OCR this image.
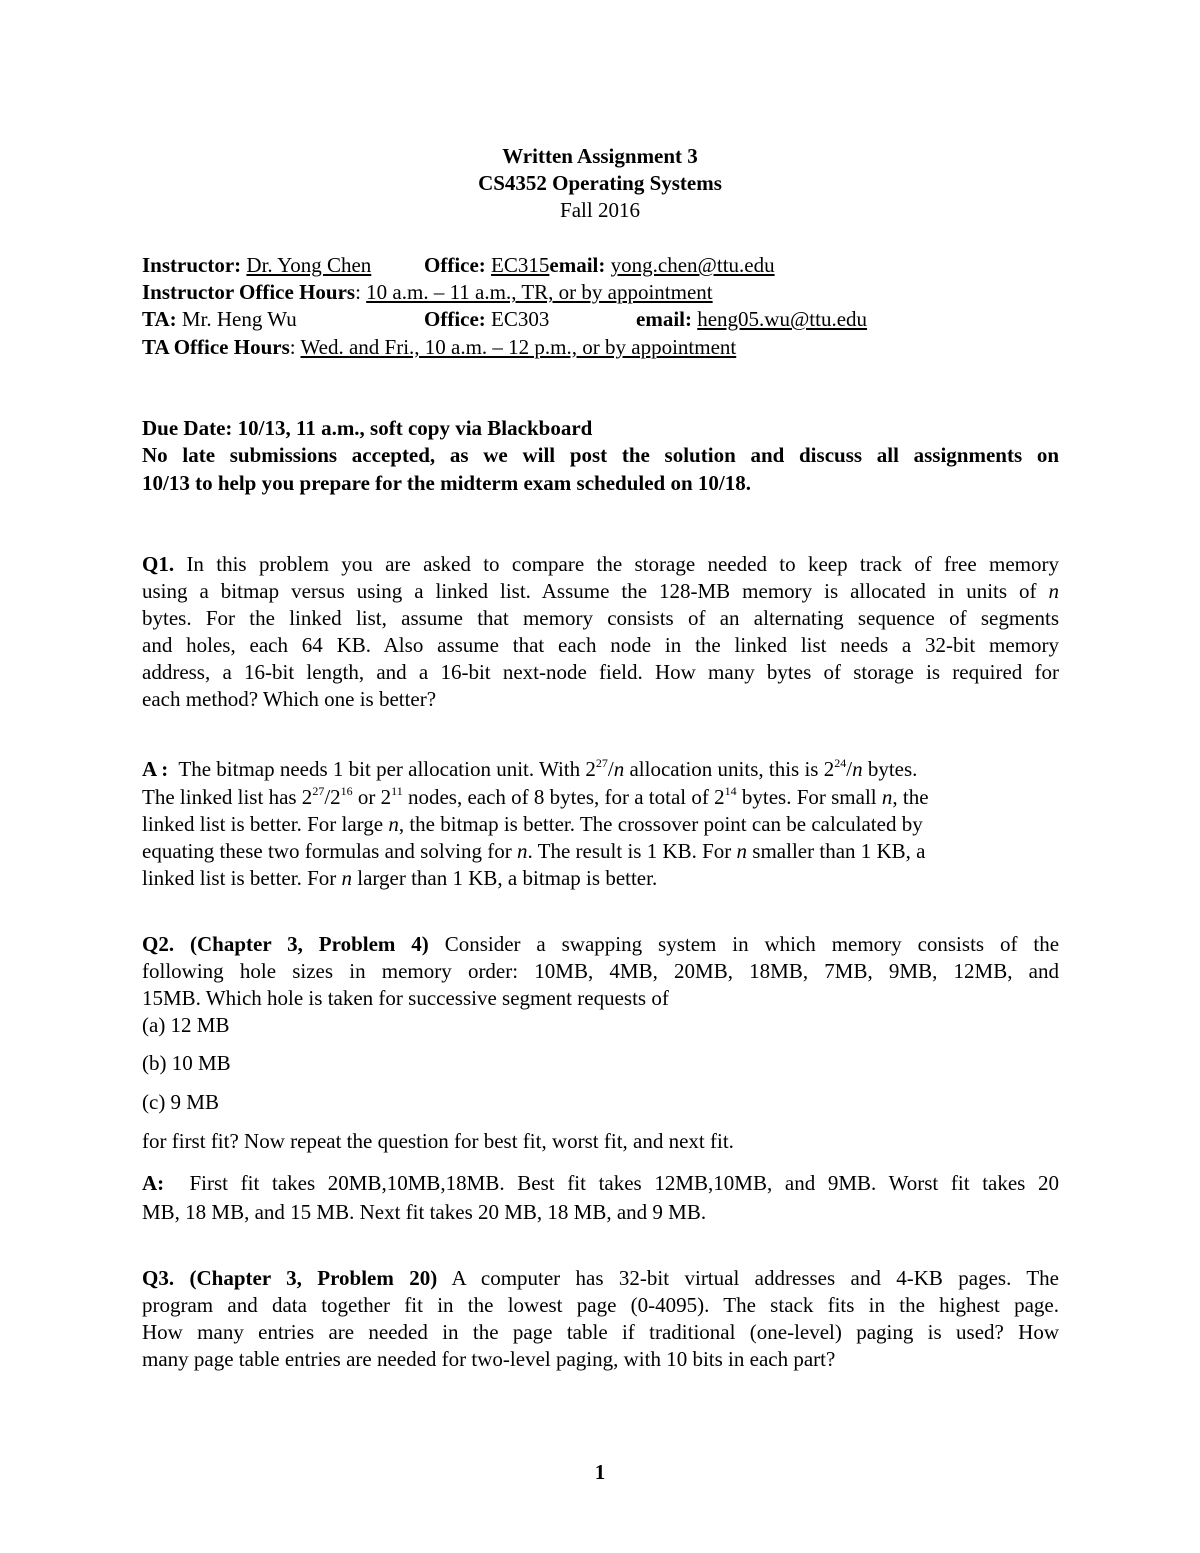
Written Assignment 3
CS4352 Operating Systems
Fall 2016
Instructor: Dr. Yong Chen	Office: EC315email: yong.chen@ttu.edu
Instructor Office Hours: 10 a.m. – 11 a.m., TR, or by appointment
TA: Mr. Heng Wu	Office: EC303	email: heng05.wu@ttu.edu
TA Office Hours: Wed. and Fri., 10 a.m. – 12 p.m., or by appointment
Due Date: 10/13, 11 a.m., soft copy via Blackboard
No late submissions accepted, as we will post the solution and discuss all assignments on
10/13 to help you prepare for the midterm exam scheduled on 10/18.
Q1. In this problem you are asked to compare the storage needed to keep track of free memory
using a bitmap versus using a linked list. Assume the 128-MB memory is allocated in units of n
bytes. For the linked list, assume that memory consists of an alternating sequence of segments
and holes, each 64 KB. Also assume that each node in the linked list needs a 32-bit memory
address, a 16-bit length, and a 16-bit next-node field. How many bytes of storage is required for
each method? Which one is better?
A : The bitmap needs 1 bit per allocation unit. With $2^{27}/n$ allocation units, this is $2^{24}/n$ bytes.
The linked list has $2^{27}/2^{16}$ or $2^{11}$ nodes, each of 8 bytes, for a total of $2^{14}$ bytes. For small n, the
linked list is better. For large n, the bitmap is better. The crossover point can be calculated by
equating these two formulas and solving for n. The result is 1 KB. For n smaller than 1 KB, a
linked list is better. For n larger than 1 KB, a bitmap is better.
Q2. (Chapter 3, Problem 4) Consider a swapping system in which memory consists of the
following hole sizes in memory order: 10MB, 4MB, 20MB, 18MB, 7MB, 9MB, 12MB, and
15MB. Which hole is taken for successive segment requests of
(a) 12 MB
(b) 10 MB
(c) 9 MB
for first fit? Now repeat the question for best fit, worst fit, and next fit.
A: First fit takes 20MB,10MB,18MB. Best fit takes 12MB,10MB, and 9MB. Worst fit takes 20
MB, 18 MB, and 15 MB. Next fit takes 20 MB, 18 MB, and 9 MB.
Q3. (Chapter 3, Problem 20) A computer has 32-bit virtual addresses and 4-KB pages. The
program and data together fit in the lowest page (0-4095). The stack fits in the highest page.
How many entries are needed in the page table if traditional (one-level) paging is used? How
many page table entries are needed for two-level paging, with 10 bits in each part?
1
